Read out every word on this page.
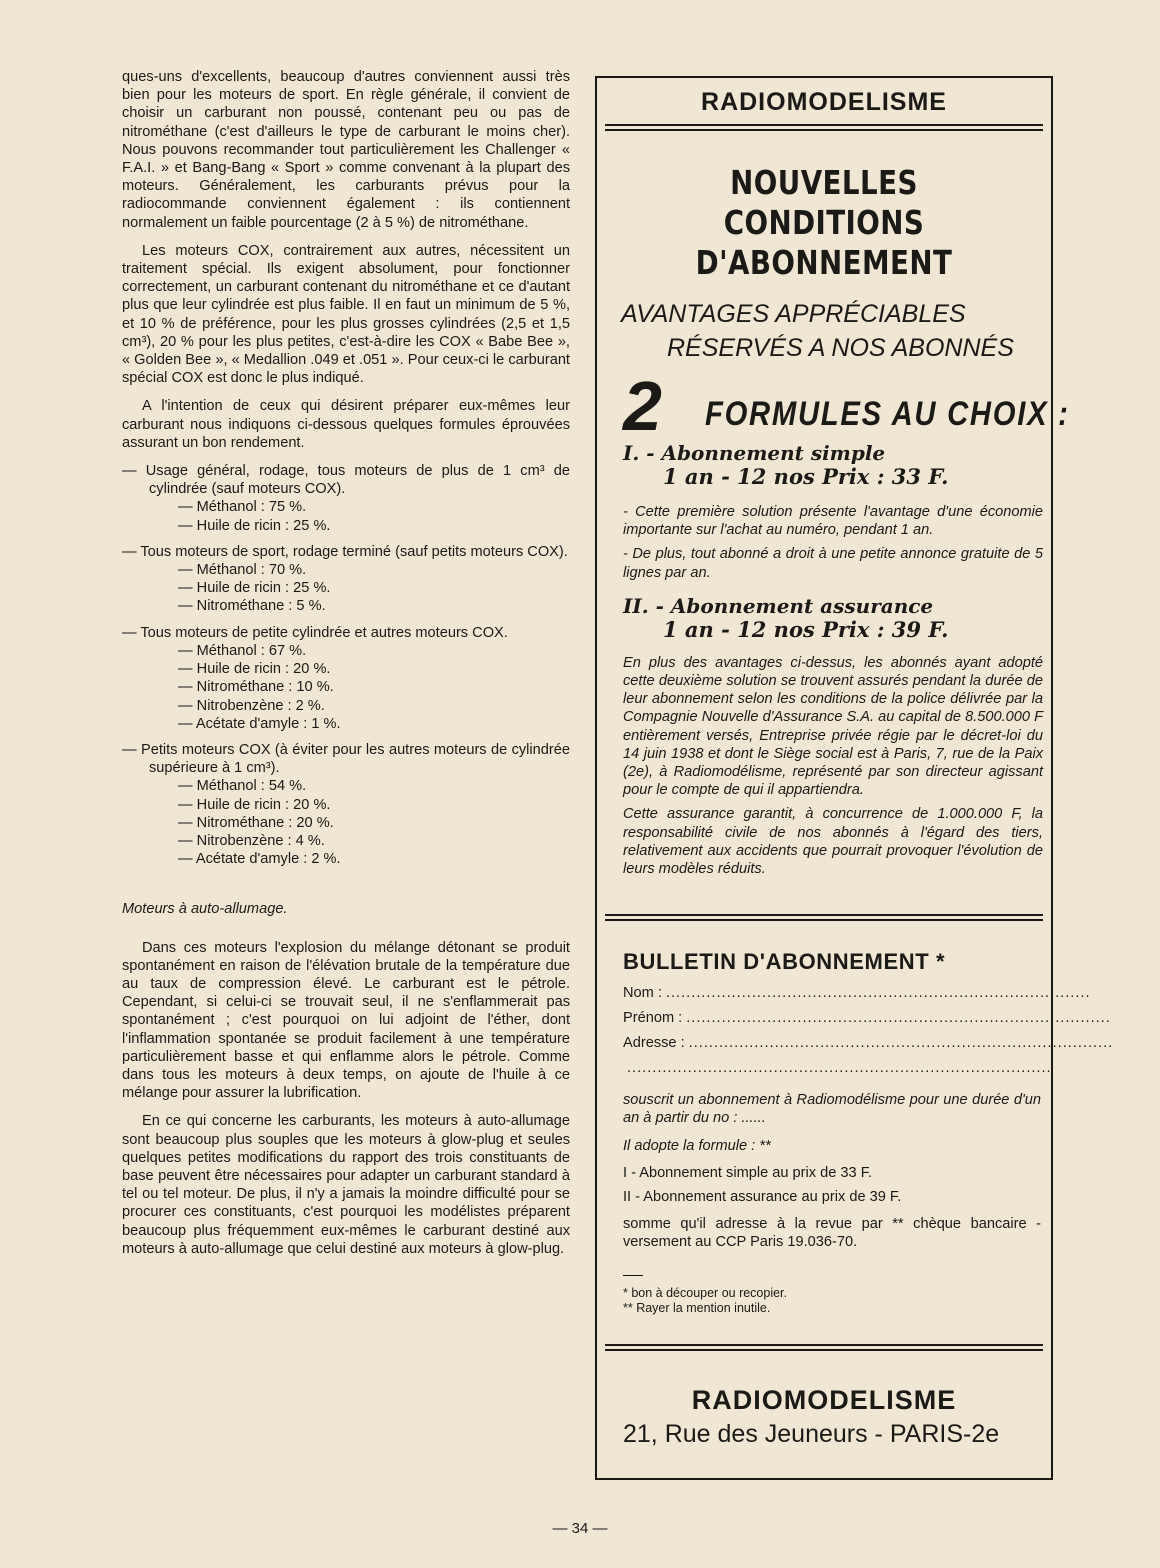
ques-uns d'excellents, beaucoup d'autres conviennent aussi très bien pour les moteurs de sport. En règle générale, il convient de choisir un carburant non poussé, contenant peu ou pas de nitrométhane (c'est d'ailleurs le type de carburant le moins cher). Nous pouvons recommander tout particulièrement les Challenger « F.A.I. » et Bang-Bang « Sport » comme convenant à la plupart des moteurs. Généralement, les carburants prévus pour la radiocommande conviennent également : ils contiennent normalement un faible pourcentage (2 à 5 %) de nitrométhane.

Les moteurs COX, contrairement aux autres, nécessitent un traitement spécial. Ils exigent absolument, pour fonctionner correctement, un carburant contenant du nitrométhane et ce d'autant plus que leur cylindrée est plus faible. Il en faut un minimum de 5 %, et 10 % de préférence, pour les plus grosses cylindrées (2,5 et 1,5 cm³), 20 % pour les plus petites, c'est-à-dire les COX « Babe Bee », « Golden Bee », « Medallion .049 et .051 ». Pour ceux-ci le carburant spécial COX est donc le plus indiqué.

A l'intention de ceux qui désirent préparer eux-mêmes leur carburant nous indiquons ci-dessous quelques formules éprouvées assurant un bon rendement.

— Usage général, rodage, tous moteurs de plus de 1 cm³ de cylindrée (sauf moteurs COX).
— Méthanol : 75 %.
— Huile de ricin : 25 %.
— Tous moteurs de sport, rodage terminé (sauf petits moteurs COX).
— Méthanol : 70 %.
— Huile de ricin : 25 %.
— Nitrométhane : 5 %.
— Tous moteurs de petite cylindrée et autres moteurs COX.
— Méthanol : 67 %.
— Huile de ricin : 20 %.
— Nitrométhane : 10 %.
— Nitrobenzène : 2 %.
— Acétate d'amyle : 1 %.
— Petits moteurs COX (à éviter pour les autres moteurs de cylindrée supérieure à 1 cm³).
— Méthanol : 54 %.
— Huile de ricin : 20 %.
— Nitrométhane : 20 %.
— Nitrobenzène : 4 %.
— Acétate d'amyle : 2 %.
Moteurs à auto-allumage.

Dans ces moteurs l'explosion du mélange détonant se produit spontanément en raison de l'élévation brutale de la température due au taux de compression élevé. Le carburant est le pétrole. Cependant, si celui-ci se trouvait seul, il ne s'enflammerait pas spontanément ; c'est pourquoi on lui adjoint de l'éther, dont l'inflammation spontanée se produit facilement à une température particulièrement basse et qui enflamme alors le pétrole. Comme dans tous les moteurs à deux temps, on ajoute de l'huile à ce mélange pour assurer la lubrification.

En ce qui concerne les carburants, les moteurs à auto-allumage sont beaucoup plus souples que les moteurs à glow-plug et seules quelques petites modifications du rapport des trois constituants de base peuvent être nécessaires pour adapter un carburant standard à tel ou tel moteur. De plus, il n'y a jamais la moindre difficulté pour se procurer ces constituants, c'est pourquoi les modélistes préparent beaucoup plus fréquemment eux-mêmes le carburant destiné aux moteurs à auto-allumage que celui destiné aux moteurs à glow-plug.

RADIOMODELISME
NOUVELLES CONDITIONS
D'ABONNEMENT
AVANTAGES APPRÉCIABLES
RÉSERVÉS A NOS ABONNÉS
2 FORMULES AU CHOIX :
I. - Abonnement simple
1 an - 12 nos Prix : 33 F.

- Cette première solution présente l'avantage d'une économie importante sur l'achat au numéro, pendant 1 an.

- De plus, tout abonné a droit à une petite annonce gratuite de 5 lignes par an.

II. - Abonnement assurance
1 an - 12 nos Prix : 39 F.

En plus des avantages ci-dessus, les abonnés ayant adopté cette deuxième solution se trouvent assurés pendant la durée de leur abonnement selon les conditions de la police délivrée par la Compagnie Nouvelle d'Assurance S.A. au capital de 8.500.000 F entièrement versés, Entreprise privée régie par le décret-loi du 14 juin 1938 et dont le Siège social est à Paris, 7, rue de la Paix (2e), à Radiomodélisme, représenté par son directeur agissant pour le compte de qui il appartiendra.

Cette assurance garantit, à concurrence de 1.000.000 F, la responsabilité civile de nos abonnés à l'égard des tiers, relativement aux accidents que pourrait provoquer l'évolution de leurs modèles réduits.

BULLETIN D'ABONNEMENT *
Nom : ....................................................................................
Prénom : ....................................................................................
Adresse : ....................................................................................
....................................................................................
souscrit un abonnement à Radiomodélisme pour une durée d'un an à partir du no : ......
Il adopte la formule : **
I - Abonnement simple au prix de 33 F.
II - Abonnement assurance au prix de 39 F.
somme qu'il adresse à la revue par ** chèque bancaire - versement au CCP Paris 19.036-70.
* bon à découper ou recopier.
** Rayer la mention inutile.
RADIOMODELISME
21, Rue des Jeuneurs - PARIS-2e
— 34 —
